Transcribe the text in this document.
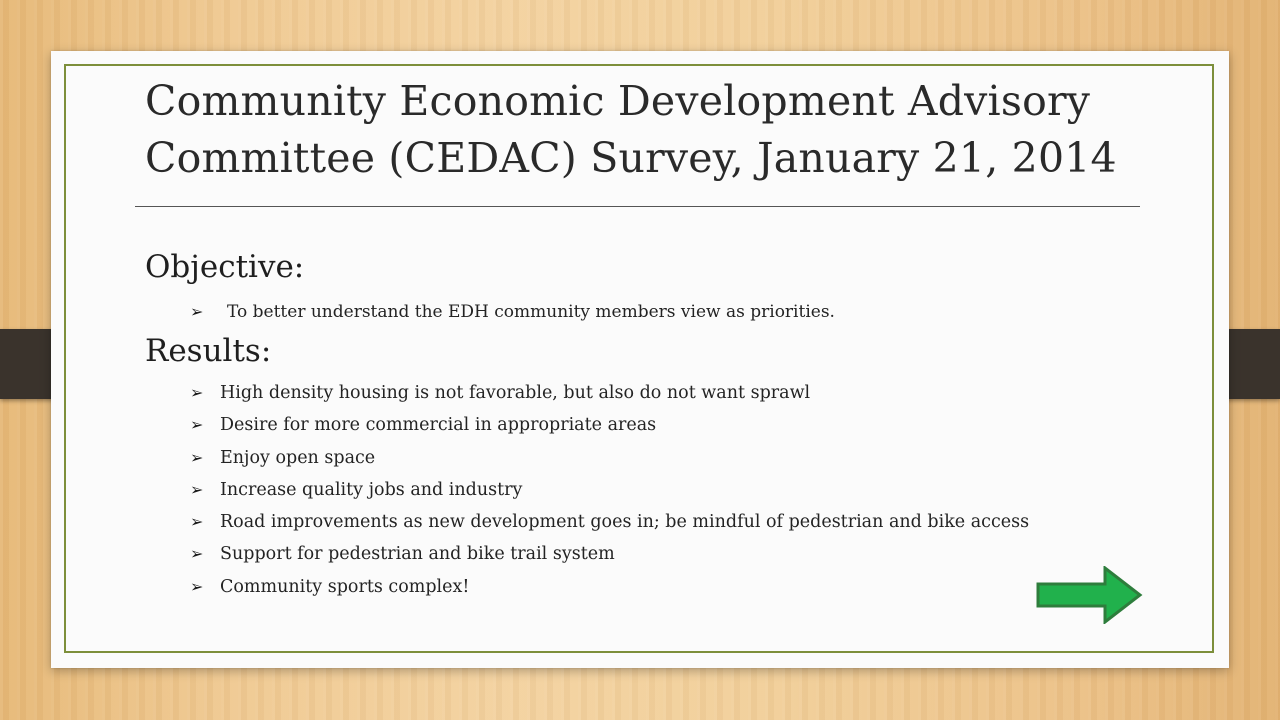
Community Economic Development Advisory
Committee (CEDAC) Survey, January 21, 2014
Objective:
➢ To better understand the EDH community members view as priorities.
Results:
➢ High density housing is not favorable, but also do not want sprawl
➢ Desire for more commercial in appropriate areas
➢ Enjoy open space
➢ Increase quality jobs and industry
➢ Road improvements as new development goes in; be mindful of pedestrian and bike access
➢ Support for pedestrian and bike trail system
➢ Community sports complex!
